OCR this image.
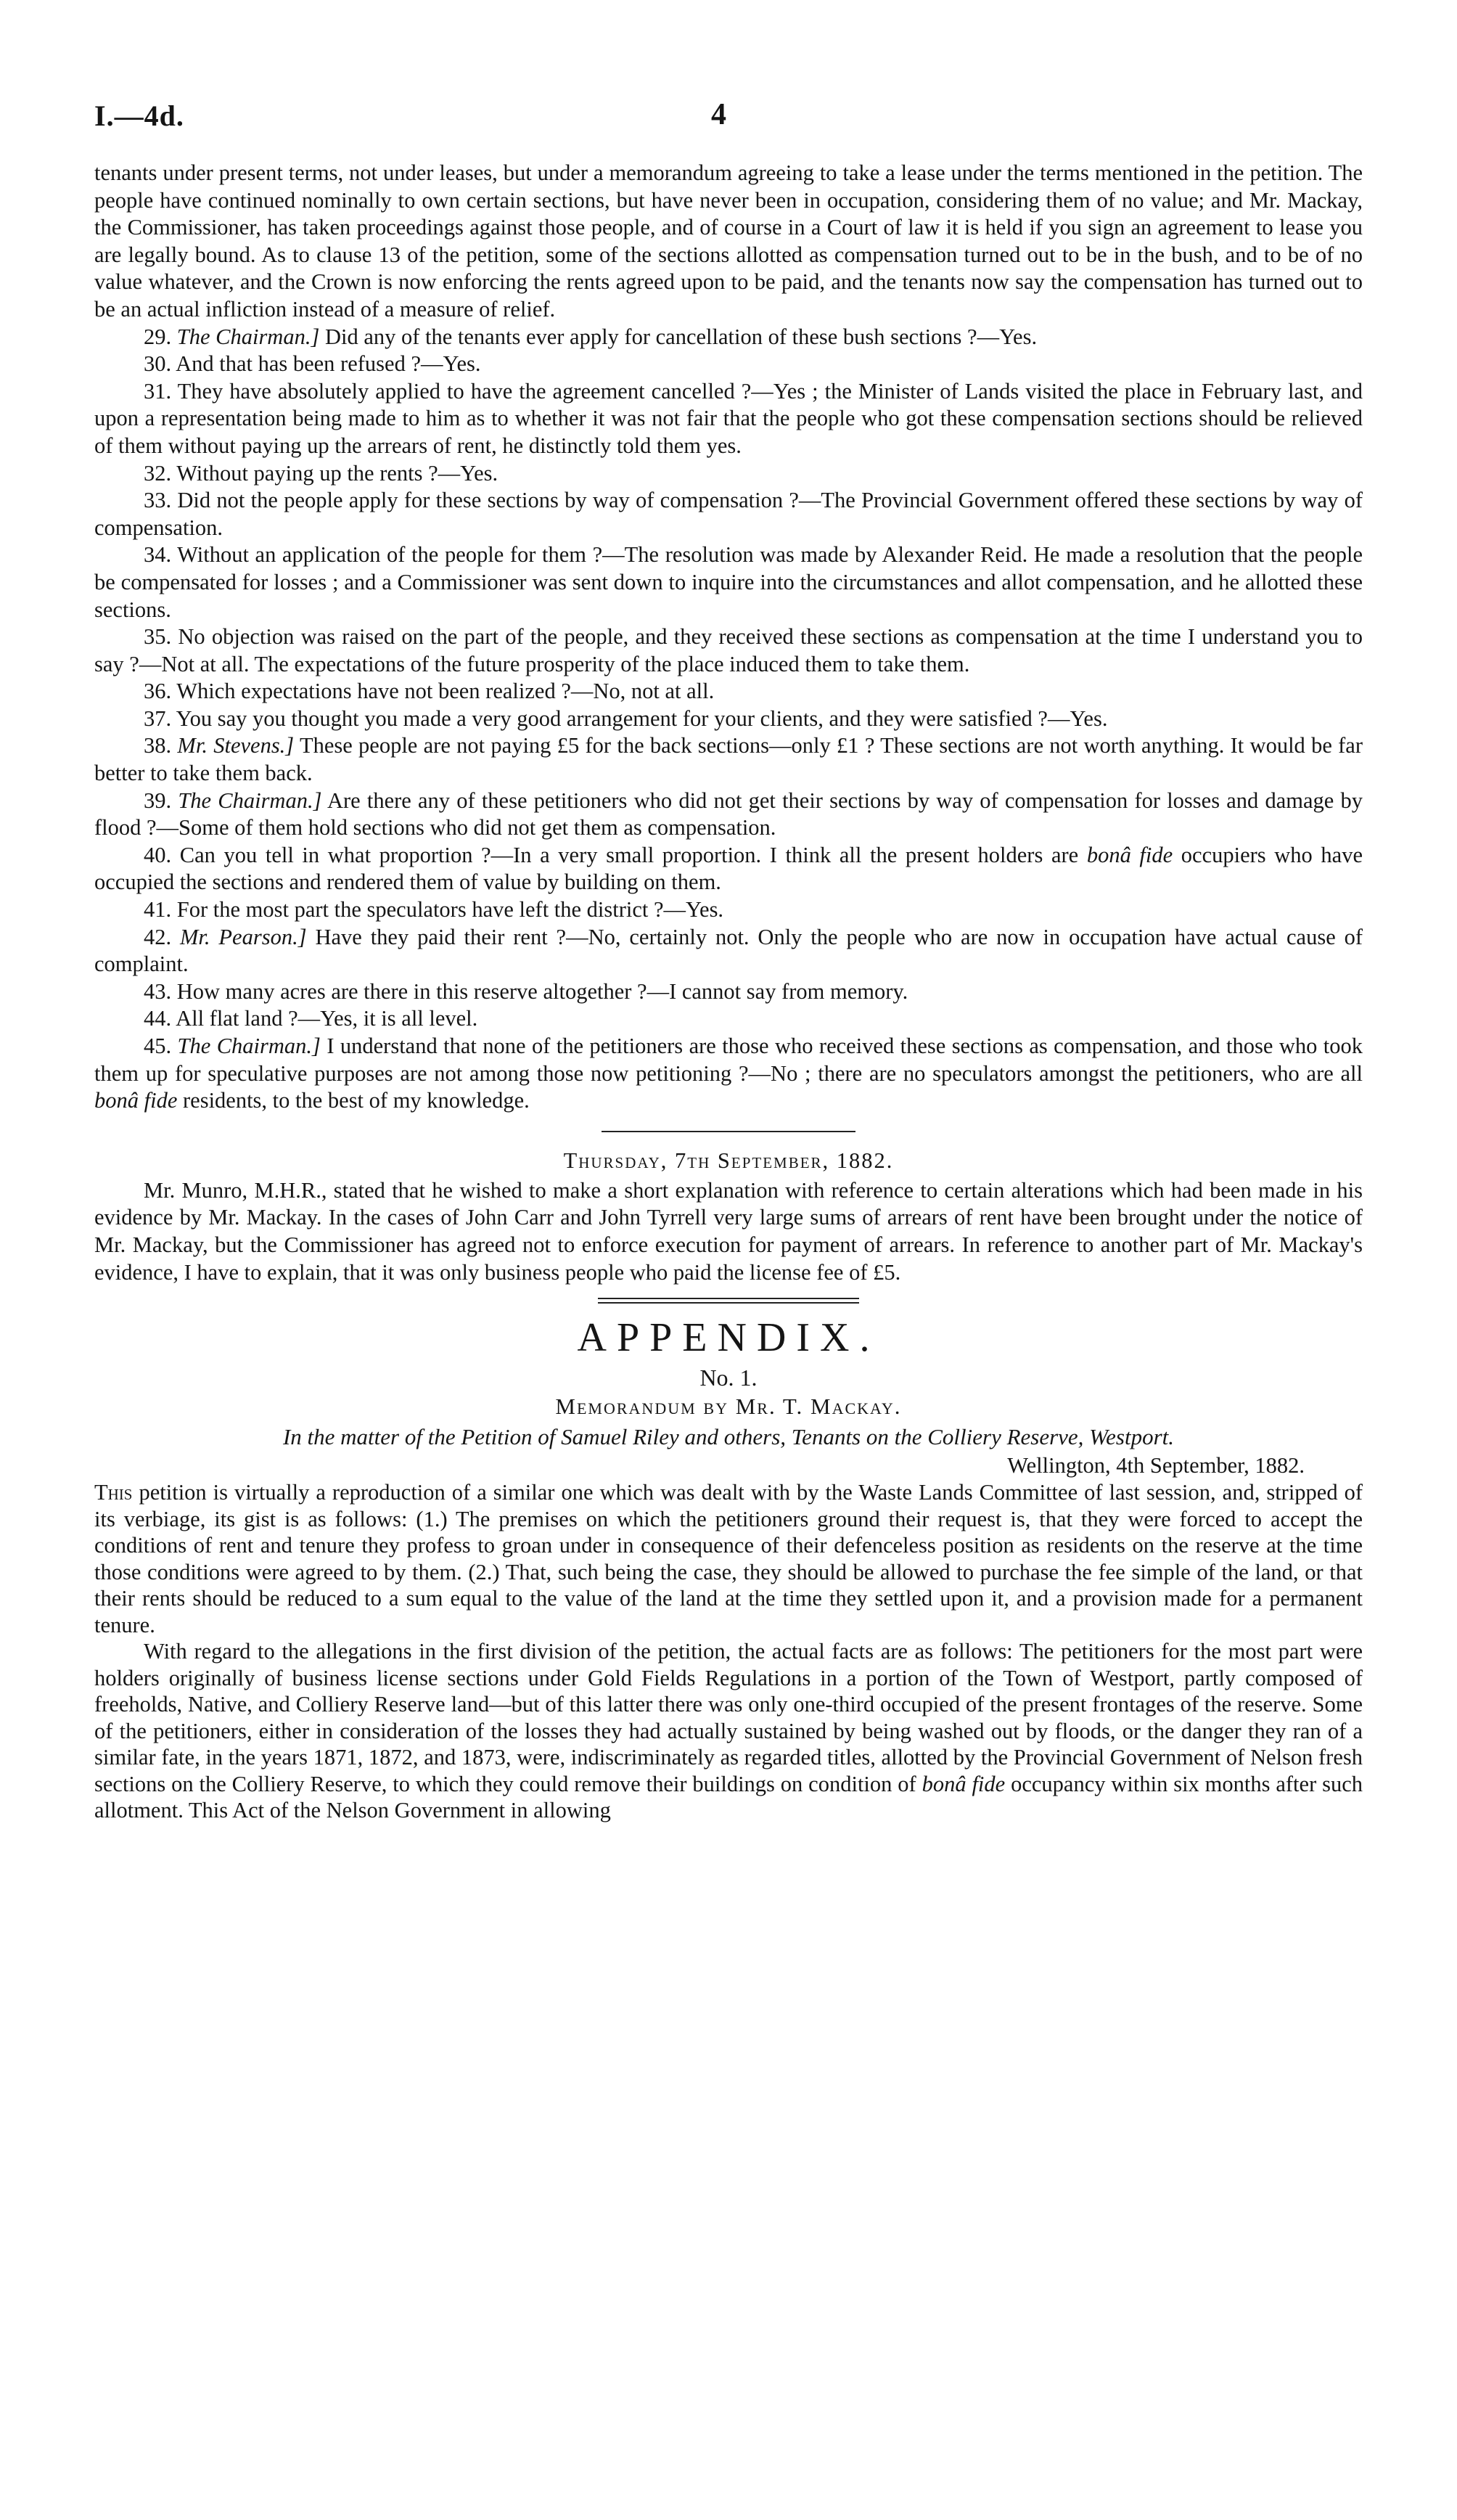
I.—4d.	4

tenants under present terms, not under leases, but under a memorandum agreeing to take a lease under the terms mentioned in the petition. The people have continued nominally to own certain sections, but have never been in occupation, considering them of no value; and Mr. Mackay, the Commissioner, has taken proceedings against those people, and of course in a Court of law it is held if you sign an agreement to lease you are legally bound. As to clause 13 of the petition, some of the sections allotted as compensation turned out to be in the bush, and to be of no value whatever, and the Crown is now enforcing the rents agreed upon to be paid, and the tenants now say the compensation has turned out to be an actual infliction instead of a measure of relief.

29. The Chairman.] Did any of the tenants ever apply for cancellation of these bush sections ?—Yes.

30. And that has been refused ?—Yes.

31. They have absolutely applied to have the agreement cancelled ?—Yes ; the Minister of Lands visited the place in February last, and upon a representation being made to him as to whether it was not fair that the people who got these compensation sections should be relieved of them without paying up the arrears of rent, he distinctly told them yes.

32. Without paying up the rents ?—Yes.

33. Did not the people apply for these sections by way of compensation ?—The Provincial Government offered these sections by way of compensation.

34. Without an application of the people for them ?—The resolution was made by Alexander Reid. He made a resolution that the people be compensated for losses ; and a Commissioner was sent down to inquire into the circumstances and allot compensation, and he allotted these sections.

35. No objection was raised on the part of the people, and they received these sections as compensation at the time I understand you to say ?—Not at all. The expectations of the future prosperity of the place induced them to take them.

36. Which expectations have not been realized ?—No, not at all.

37. You say you thought you made a very good arrangement for your clients, and they were satisfied ?—Yes.

38. Mr. Stevens.] These people are not paying £5 for the back sections—only £1 ? These sections are not worth anything. It would be far better to take them back.

39. The Chairman.] Are there any of these petitioners who did not get their sections by way of compensation for losses and damage by flood ?—Some of them hold sections who did not get them as compensation.

40. Can you tell in what proportion ?—In a very small proportion. I think all the present holders are bonâ fide occupiers who have occupied the sections and rendered them of value by building on them.

41. For the most part the speculators have left the district ?—Yes.

42. Mr. Pearson.] Have they paid their rent ?—No, certainly not. Only the people who are now in occupation have actual cause of complaint.

43. How many acres are there in this reserve altogether ?—I cannot say from memory.

44. All flat land ?—Yes, it is all level.

45. The Chairman.] I understand that none of the petitioners are those who received these sections as compensation, and those who took them up for speculative purposes are not among those now petitioning ?—No ; there are no speculators amongst the petitioners, who are all bonâ fide residents, to the best of my knowledge.

Thursday, 7th September, 1882.

Mr. Munro, M.H.R., stated that he wished to make a short explanation with reference to certain alterations which had been made in his evidence by Mr. Mackay. In the cases of John Carr and John Tyrrell very large sums of arrears of rent have been brought under the notice of Mr. Mackay, but the Commissioner has agreed not to enforce execution for payment of arrears. In reference to another part of Mr. Mackay's evidence, I have to explain, that it was only business people who paid the license fee of £5.

APPENDIX.
No. 1.
Memorandum by Mr. T. Mackay.
In the matter of the Petition of Samuel Riley and others, Tenants on the Colliery Reserve, Westport.
Wellington, 4th September, 1882.

This petition is virtually a reproduction of a similar one which was dealt with by the Waste Lands Committee of last session, and, stripped of its verbiage, its gist is as follows: (1.) The premises on which the petitioners ground their request is, that they were forced to accept the conditions of rent and tenure they profess to groan under in consequence of their defenceless position as residents on the reserve at the time those conditions were agreed to by them. (2.) That, such being the case, they should be allowed to purchase the fee simple of the land, or that their rents should be reduced to a sum equal to the value of the land at the time they settled upon it, and a provision made for a permanent tenure.

With regard to the allegations in the first division of the petition, the actual facts are as follows: The petitioners for the most part were holders originally of business license sections under Gold Fields Regulations in a portion of the Town of Westport, partly composed of freeholds, Native, and Colliery Reserve land—but of this latter there was only one-third occupied of the present frontages of the reserve. Some of the petitioners, either in consideration of the losses they had actually sustained by being washed out by floods, or the danger they ran of a similar fate, in the years 1871, 1872, and 1873, were, indiscriminately as regarded titles, allotted by the Provincial Government of Nelson fresh sections on the Colliery Reserve, to which they could remove their buildings on condition of bonâ fide occupancy within six months after such allotment. This Act of the Nelson Government in allowing
